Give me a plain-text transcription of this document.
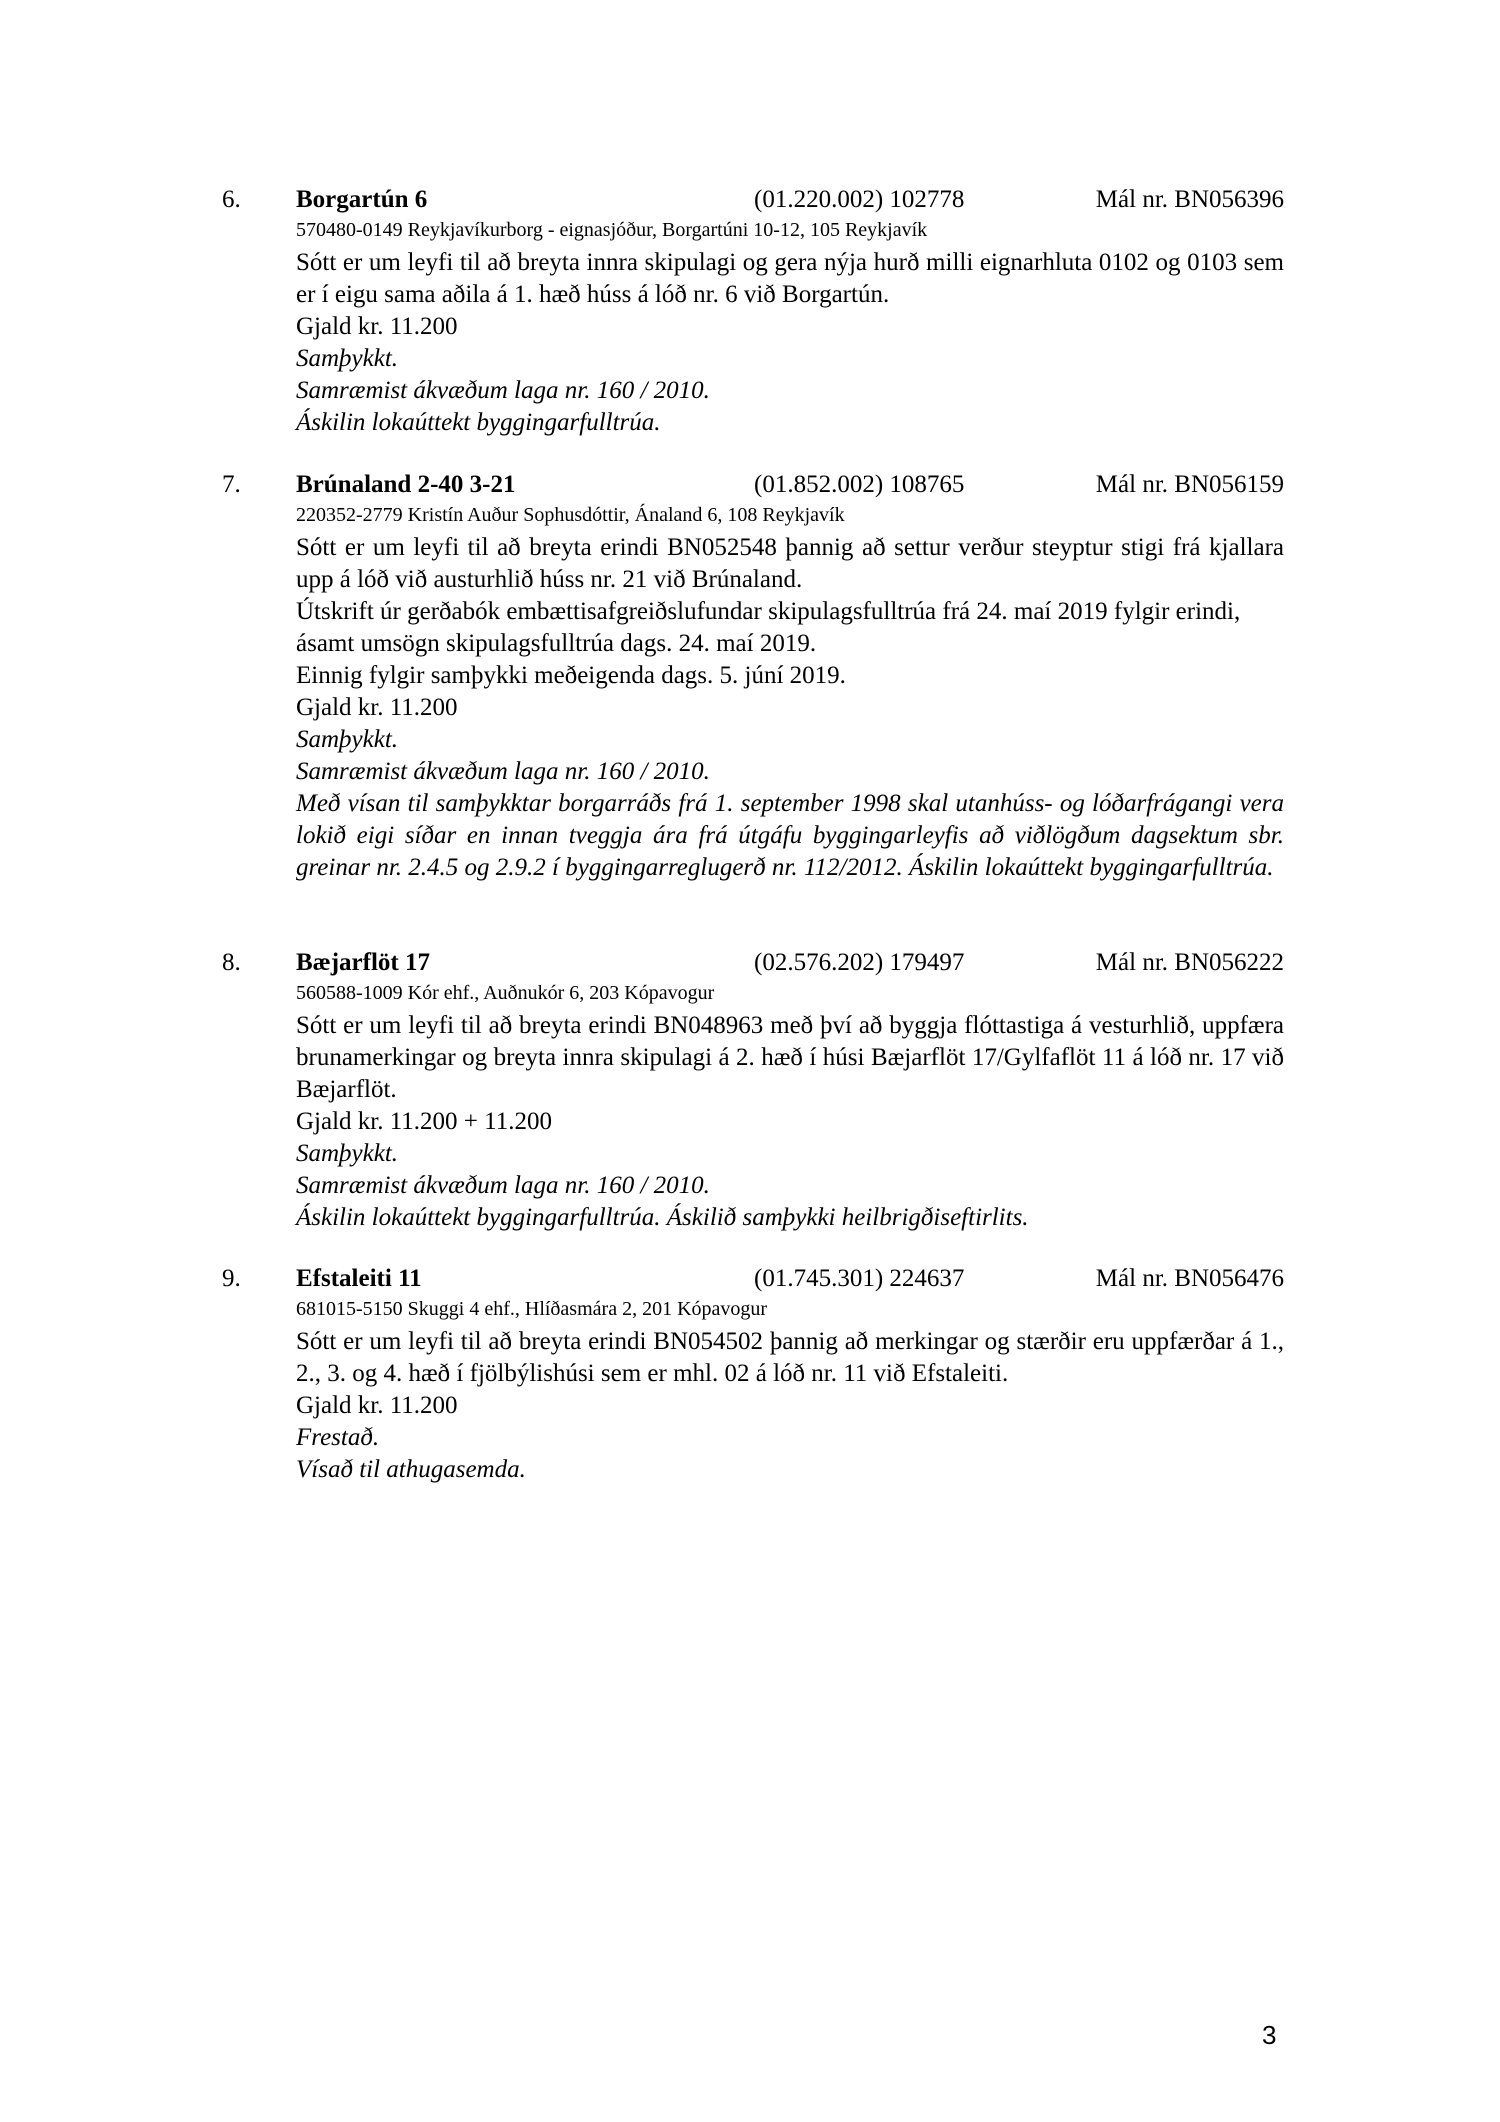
6. Borgartún 6	(01.220.002) 102778	Mál nr. BN056396
570480-0149 Reykjavíkurborg - eignasjóður, Borgartúni 10-12, 105 Reykjavík
Sótt er um leyfi til að breyta innra skipulagi og gera nýja hurð milli eignarhluta 0102 og 0103 sem er í eigu sama aðila á 1. hæð húss á lóð nr. 6 við Borgartún.
Gjald kr. 11.200
Samþykkt.
Samræmist ákvæðum laga nr. 160 / 2010.
Áskilin lokaúttekt byggingarfulltrúa.
7. Brúnaland 2-40 3-21	(01.852.002) 108765	Mál nr. BN056159
220352-2779 Kristín Auður Sophusdóttir, Ánaland 6, 108 Reykjavík
Sótt er um leyfi til að breyta erindi BN052548 þannig að settur verður steyptur stigi frá kjallara upp á lóð við austurhlið húss nr. 21 við Brúnaland.
Útskrift úr gerðabók embættisafgreiðslufundar skipulagsfulltrúa frá 24. maí 2019 fylgir erindi, ásamt umsögn skipulagsfulltrúa dags. 24. maí 2019.
Einnig fylgir samþykki meðeigenda dags. 5. júní 2019.
Gjald kr. 11.200
Samþykkt.
Samræmist ákvæðum laga nr. 160 / 2010.
Með vísan til samþykktar borgarráðs frá 1. september 1998 skal utanhúss- og lóðarfrágangi vera lokið eigi síðar en innan tveggja ára frá útgáfu byggingarleyfis að viðlögðum dagsektum sbr. greinar nr. 2.4.5 og 2.9.2 í byggingarreglugerð nr. 112/2012. Áskilin lokaúttekt byggingarfulltrúa.
8. Bæjarflöt 17	(02.576.202) 179497	Mál nr. BN056222
560588-1009 Kór ehf., Auðnukór 6, 203 Kópavogur
Sótt er um leyfi til að breyta erindi BN048963 með því að byggja flóttastiga á vesturhlið, uppfæra brunamerkingar og breyta innra skipulagi á 2. hæð í húsi Bæjarflöt 17/Gylfaflöt 11 á lóð nr. 17 við Bæjarflöt.
Gjald kr. 11.200 + 11.200
Samþykkt.
Samræmist ákvæðum laga nr. 160 / 2010.
Áskilin lokaúttekt byggingarfulltrúa. Áskilið samþykki heilbrigðiseftirlits.
9. Efstaleiti 11	(01.745.301) 224637	Mál nr. BN056476
681015-5150 Skuggi 4 ehf., Hlíðasmára 2, 201 Kópavogur
Sótt er um leyfi til að breyta erindi BN054502 þannig að merkingar og stærðir eru uppfærðar á 1., 2., 3. og 4. hæð í fjölbýlishúsi sem er mhl. 02 á lóð nr. 11 við Efstaleiti.
Gjald kr. 11.200
Frestað.
Vísað til athugasemda.
3
